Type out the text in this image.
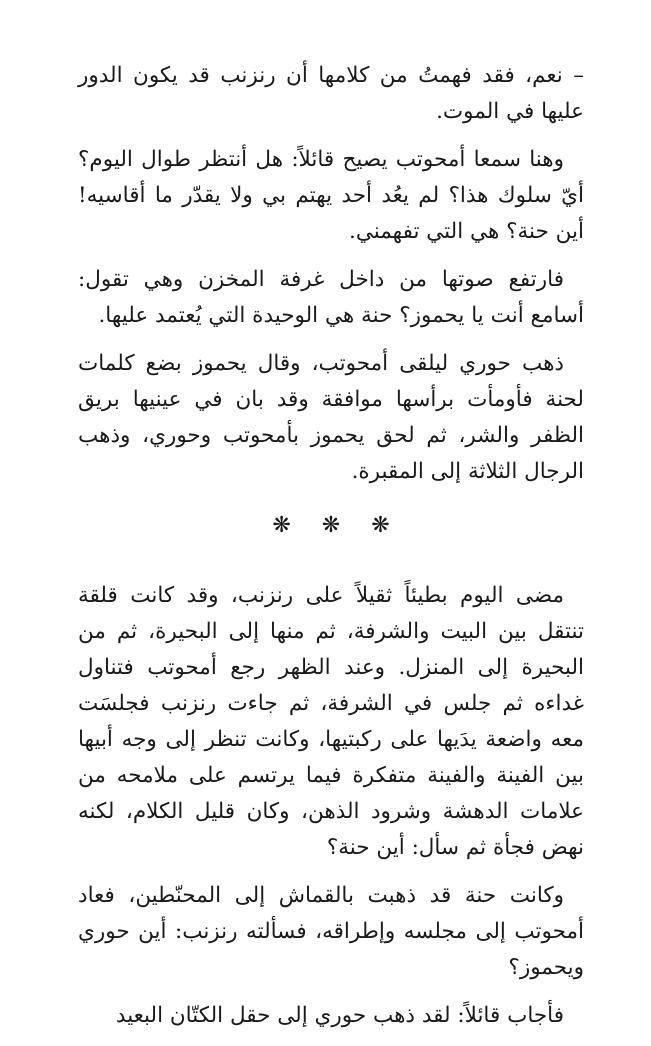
– نعم، فقد فهمتُ من كلامها أن رنزنب قد يكون الدور عليها في الموت.

وهنا سمعا أمحوتب يصيح قائلاً: هل أنتظر طوال اليوم؟ أيّ سلوك هذا؟ لم يعُد أحد يهتم بي ولا يقدّر ما أقاسيه! أين حنة؟ هي التي تفهمني.

فارتفع صوتها من داخل غرفة المخزن وهي تقول: أسامع أنت يا يحموز؟ حنة هي الوحيدة التي يُعتمد عليها.

ذهب حوري ليلقى أمحوتب، وقال يحموز بضع كلمات لحنة فأومأت برأسها موافقة وقد بان في عينيها بريق الظفر والشر، ثم لحق يحموز بأمحوتب وحوري، وذهب الرجال الثلاثة إلى المقبرة.

❋ ❋ ❋

مضى اليوم بطيئاً ثقيلاً على رنزنب، وقد كانت قلقة تنتقل بين البيت والشرفة، ثم منها إلى البحيرة، ثم من البحيرة إلى المنزل. وعند الظهر رجع أمحوتب فتناول غداءه ثم جلس في الشرفة، ثم جاءت رنزنب فجلسَت معه واضعة يدَيها على ركبتيها، وكانت تنظر إلى وجه أبيها بين الفينة والفينة متفكرة فيما يرتسم على ملامحه من علامات الدهشة وشرود الذهن، وكان قليل الكلام، لكنه نهض فجأة ثم سأل: أين حنة؟

وكانت حنة قد ذهبت بالقماش إلى المحنّطين، فعاد أمحوتب إلى مجلسه وإطراقه، فسألته رنزنب: أين حوري ويحموز؟

فأجاب قائلاً: لقد ذهب حوري إلى حقل الكتّان البعيد
